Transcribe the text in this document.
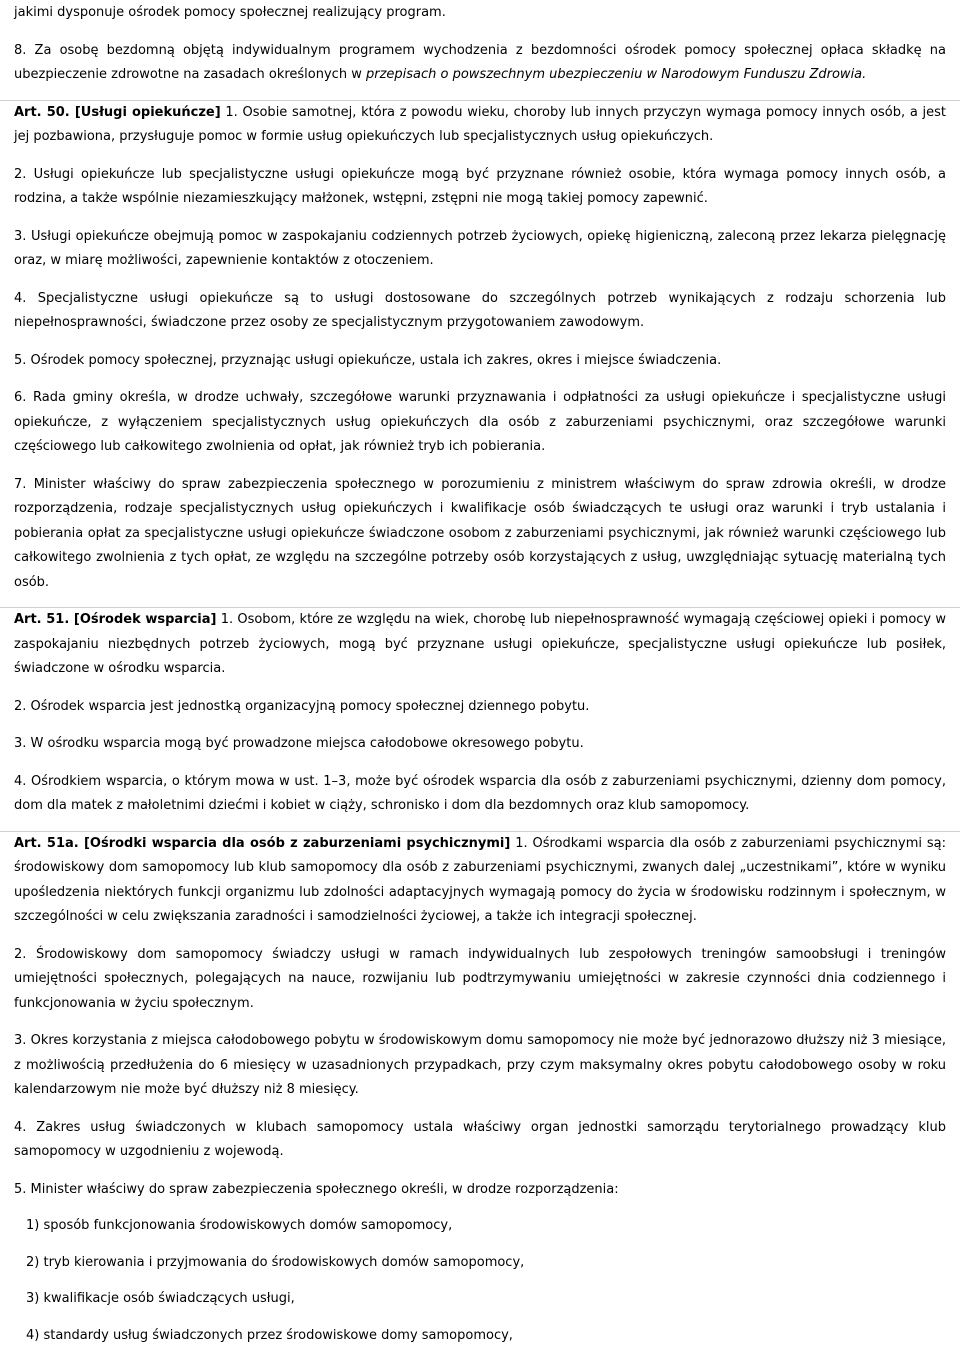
jakimi dysponuje ośrodek pomocy społecznej realizujący program.

8. Za osobę bezdomną objętą indywidualnym programem wychodzenia z bezdomności ośrodek pomocy społecznej opłaca składkę na ubezpieczenie zdrowotne na zasadach określonych w przepisach o powszechnym ubezpieczeniu w Narodowym Funduszu Zdrowia.

Art. 50. [Usługi opiekuńcze] 1. Osobie samotnej, która z powodu wieku, choroby lub innych przyczyn wymaga pomocy innych osób, a jest jej pozbawiona, przysługuje pomoc w formie usług opiekuńczych lub specjalistycznych usług opiekuńczych.

2. Usługi opiekuńcze lub specjalistyczne usługi opiekuńcze mogą być przyznane również osobie, która wymaga pomocy innych osób, a rodzina, a także wspólnie niezamieszkujący małżonek, wstępni, zstępni nie mogą takiej pomocy zapewnić.

3. Usługi opiekuńcze obejmują pomoc w zaspokajaniu codziennych potrzeb życiowych, opiekę higieniczną, zaleconą przez lekarza pielęgnację oraz, w miarę możliwości, zapewnienie kontaktów z otoczeniem.

4. Specjalistyczne usługi opiekuńcze są to usługi dostosowane do szczególnych potrzeb wynikających z rodzaju schorzenia lub niepełnosprawności, świadczone przez osoby ze specjalistycznym przygotowaniem zawodowym.

5. Ośrodek pomocy społecznej, przyznając usługi opiekuńcze, ustala ich zakres, okres i miejsce świadczenia.

6. Rada gminy określa, w drodze uchwały, szczegółowe warunki przyznawania i odpłatności za usługi opiekuńcze i specjalistyczne usługi opiekuńcze, z wyłączeniem specjalistycznych usług opiekuńczych dla osób z zaburzeniami psychicznymi, oraz szczegółowe warunki częściowego lub całkowitego zwolnienia od opłat, jak również tryb ich pobierania.

7. Minister właściwy do spraw zabezpieczenia społecznego w porozumieniu z ministrem właściwym do spraw zdrowia określi, w drodze rozporządzenia, rodzaje specjalistycznych usług opiekuńczych i kwalifikacje osób świadczących te usługi oraz warunki i tryb ustalania i pobierania opłat za specjalistyczne usługi opiekuńcze świadczone osobom z zaburzeniami psychicznymi, jak również warunki częściowego lub całkowitego zwolnienia z tych opłat, ze względu na szczególne potrzeby osób korzystających z usług, uwzględniając sytuację materialną tych osób.

Art. 51. [Ośrodek wsparcia] 1. Osobom, które ze względu na wiek, chorobę lub niepełnosprawność wymagają częściowej opieki i pomocy w zaspokajaniu niezbędnych potrzeb życiowych, mogą być przyznane usługi opiekuńcze, specjalistyczne usługi opiekuńcze lub posiłek, świadczone w ośrodku wsparcia.

2. Ośrodek wsparcia jest jednostką organizacyjną pomocy społecznej dziennego pobytu.

3. W ośrodku wsparcia mogą być prowadzone miejsca całodobowe okresowego pobytu.

4. Ośrodkiem wsparcia, o którym mowa w ust. 1–3, może być ośrodek wsparcia dla osób z zaburzeniami psychicznymi, dzienny dom pomocy, dom dla matek z małoletnimi dziećmi i kobiet w ciąży, schronisko i dom dla bezdomnych oraz klub samopomocy.

Art. 51a. [Ośrodki wsparcia dla osób z zaburzeniami psychicznymi] 1. Ośrodkami wsparcia dla osób z zaburzeniami psychicznymi są: środowiskowy dom samopomocy lub klub samopomocy dla osób z zaburzeniami psychicznymi, zwanych dalej „uczestnikami”, które w wyniku upośledzenia niektórych funkcji organizmu lub zdolności adaptacyjnych wymagają pomocy do życia w środowisku rodzinnym i społecznym, w szczególności w celu zwiększania zaradności i samodzielności życiowej, a także ich integracji społecznej.

2. Środowiskowy dom samopomocy świadczy usługi w ramach indywidualnych lub zespołowych treningów samoobsługi i treningów umiejętności społecznych, polegających na nauce, rozwijaniu lub podtrzymywaniu umiejętności w zakresie czynności dnia codziennego i funkcjonowania w życiu społecznym.

3. Okres korzystania z miejsca całodobowego pobytu w środowiskowym domu samopomocy nie może być jednorazowo dłuższy niż 3 miesiące, z możliwością przedłużenia do 6 miesięcy w uzasadnionych przypadkach, przy czym maksymalny okres pobytu całodobowego osoby w roku kalendarzowym nie może być dłuższy niż 8 miesięcy.

4. Zakres usług świadczonych w klubach samopomocy ustala właściwy organ jednostki samorządu terytorialnego prowadzący klub samopomocy w uzgodnieniu z wojewodą.

5. Minister właściwy do spraw zabezpieczenia społecznego określi, w drodze rozporządzenia:

1) sposób funkcjonowania środowiskowych domów samopomocy,

2) tryb kierowania i przyjmowania do środowiskowych domów samopomocy,

3) kwalifikacje osób świadczących usługi,

4) standardy usług świadczonych przez środowiskowe domy samopomocy,
